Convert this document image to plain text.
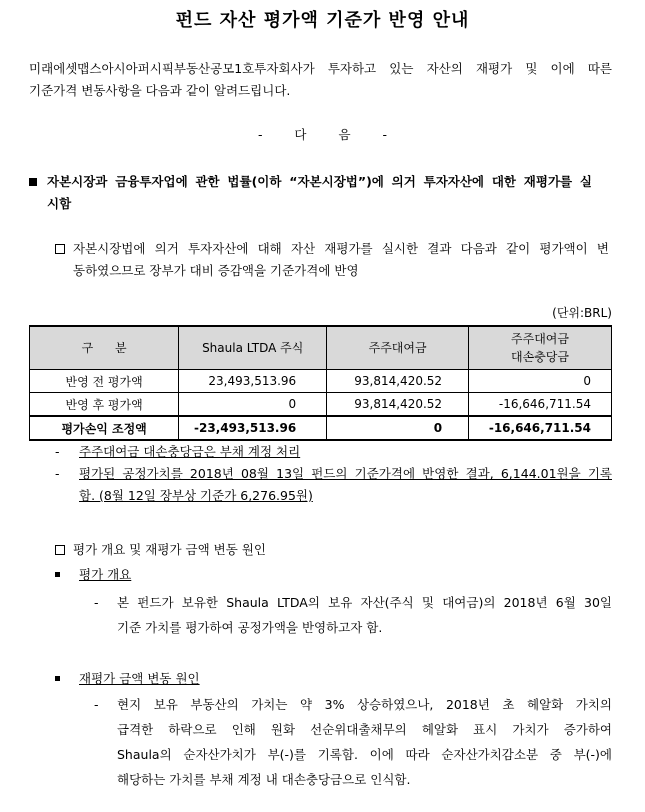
펀드 자산 평가액 기준가 반영 안내
미래에셋맵스아시아퍼시픽부동산공모1호투자회사가 투자하고 있는 자산의 재평가 및 이에 따른
기준가격 변동사항을 다음과 같이 알려드립니다.
- 다 음 -
자본시장과 금융투자업에 관한 법률(이하 “자본시장법”)에 의거 투자자산에 대한 재평가를 실
시함
자본시장법에 의거 투자자산에 대해 자산 재평가를 실시한 결과 다음과 같이 평가액이 변
동하였으므로 장부가 대비 증감액을 기준가격에 반영
(단위:BRL)
구 분	Shaula LTDA 주식	주주대여금	주주대여금
대손충당금
반영 전 평가액	23,493,513.96	93,814,420.52	0
반영 후 평가액	0	93,814,420.52	-16,646,711.54
평가손익 조정액	-23,493,513.96	0	-16,646,711.54
- 주주대여금 대손충당금은 부채 계정 처리
- 평가된 공정가치를 2018년 08월 13일 펀드의 기준가격에 반영한 결과, 6,144.01원을 기록
함. (8월 12일 장부상 기준가 6,276.95원)
평가 개요 및 재평가 금액 변동 원인
평가 개요
- 본 펀드가 보유한 Shaula LTDA의 보유 자산(주식 및 대여금)의 2018년 6월 30일
기준 가치를 평가하여 공정가액을 반영하고자 함.
재평가 금액 변동 원인
- 현지 보유 부동산의 가치는 약 3% 상승하였으나, 2018년 초 헤알화 가치의
급격한 하락으로 인해 원화 선순위대출채무의 헤알화 표시 가치가 증가하여
Shaula의 순자산가치가 부(-)를 기록함. 이에 따라 순자산가치감소분 중 부(-)에
해당하는 가치를 부채 계정 내 대손충당금으로 인식함.
